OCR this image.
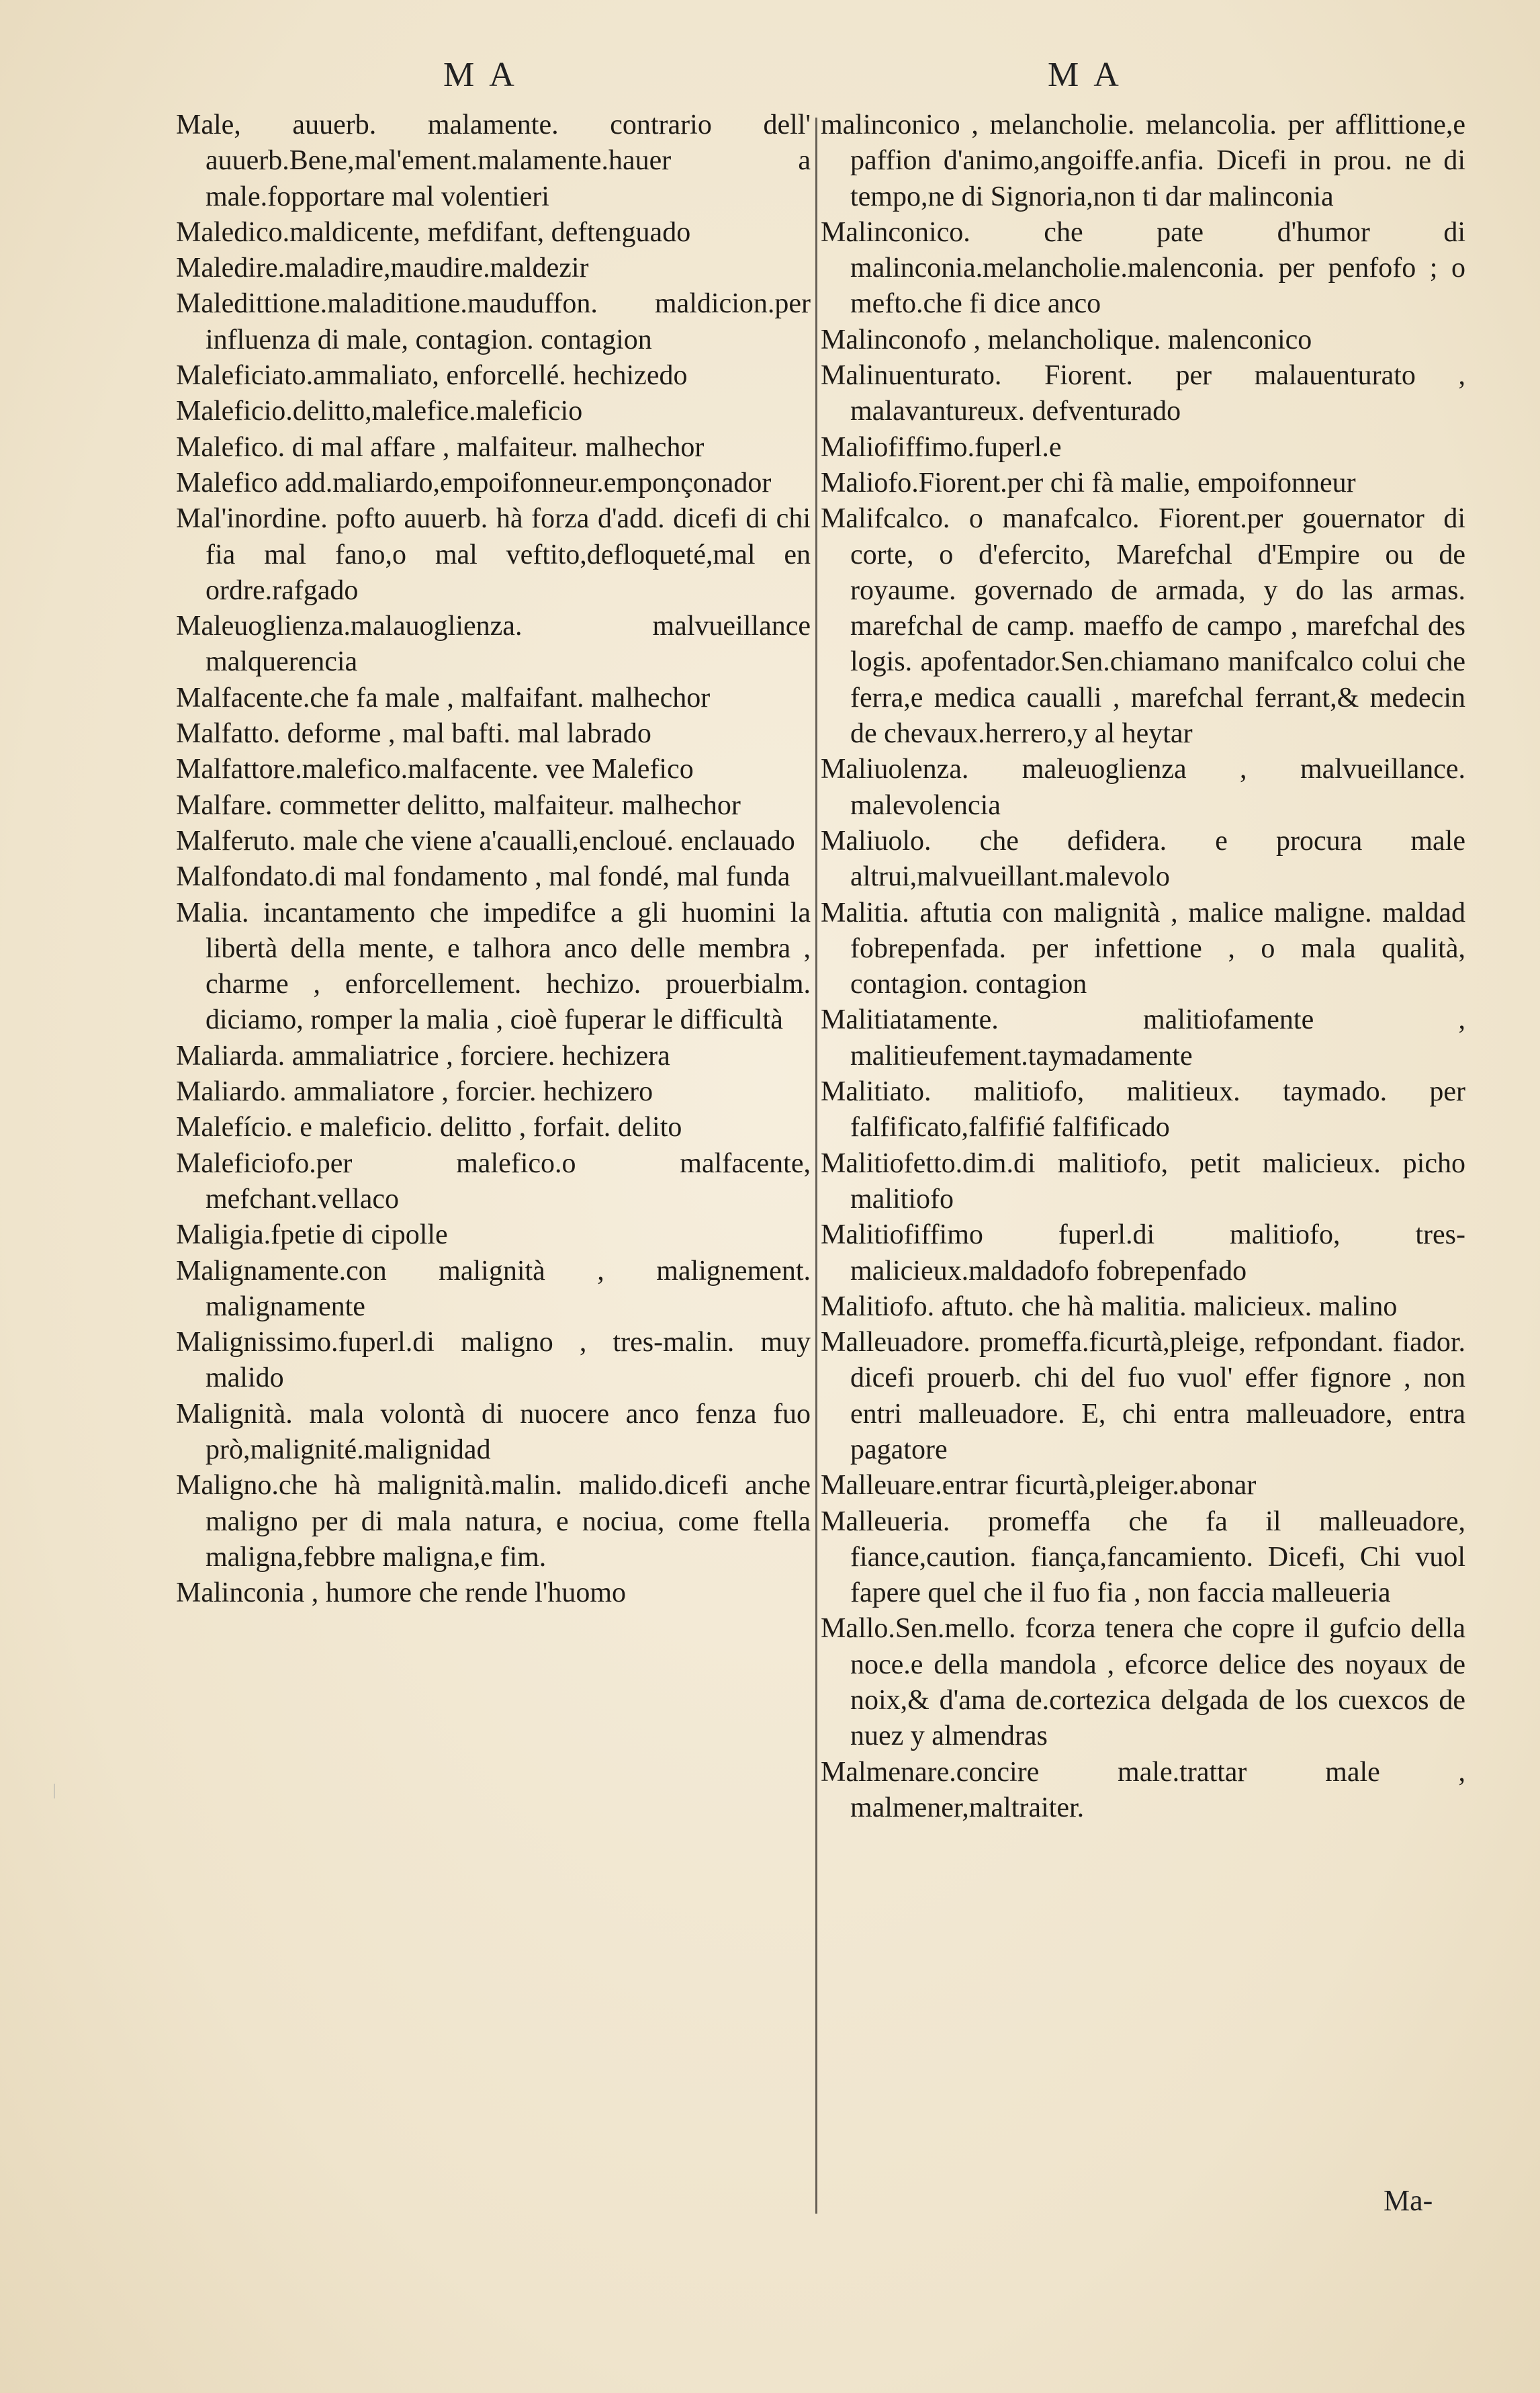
MA	MA

Male, auuerb. malamente. contrario dell' auuerb.Bene,mal'ement.malamente.hauer a male.fopportare mal volentieri

Maledico.maldicente, mefdifant, deftenguado

Maledire.maladire,maudire.maldezir

Maledittione.maladitione.mauduffon. maldicion.per influenza di male, contagion. contagion

Maleficiato.ammaliato, enforcellé. hechizedo

Maleficio.delitto,malefice.maleficio

Malefico. di mal affare , malfaiteur. malhechor

Malefico add.maliardo,empoifonneur.emponçonador

Mal'inordine. pofto auuerb. hà forza d'add. dicefi di chi fia mal fano,o mal veftito,defloqueté,mal en ordre.rafgado

Maleuoglienza.malauoglienza. malvueillance malquerencia

Malfacente.che fa male , malfaifant. malhechor

Malfatto. deforme , mal bafti. mal labrado

Malfattore.malefico.malfacente. vee Malefico

Malfare. commetter delitto, malfaiteur. malhechor

Malferuto. male che viene a'caualli,encloué. enclauado

Malfondato.di mal fondamento , mal fondé, mal funda

Malia. incantamento che impedifce a gli huomini la libertà della mente, e talhora anco delle membra , charme , enforcellement. hechizo. prouerbialm. diciamo, romper la malia , cioè fuperar le difficultà

Maliarda. ammaliatrice , forciere. hechizera

Maliardo. ammaliatore , forcier. hechizero

Malefício. e maleficio. delitto , forfait. delito

Maleficiofo.per malefico.o malfacente, mefchant.vellaco

Maligia.fpetie di cipolle

Malignamente.con malignità , malignement. malignamente

Malignissimo.fuperl.di maligno , tres-malin. muy malido

Malignità. mala volontà di nuocere anco fenza fuo prò,malignité.malignidad

Maligno.che hà malignità.malin. malido.dicefi anche maligno per di mala natura, e nociua, come ftella maligna,febbre maligna,e fim.

Malinconia , humore che rende l'huomo

malinconico , melancholie. melancolia. per afflittione,e paffion d'animo,angoiffe.anfia. Dicefi in prou. ne di tempo,ne di Signoria,non ti dar malinconia

Malinconico. che pate d'humor di malinconia.melancholie.malenconia. per penfofo ; o mefto.che fi dice anco

Malinconofo , melancholique. malenconico

Malinuenturato. Fiorent. per malauenturato , malavantureux. defventurado

Maliofiffimo.fuperl.e

Maliofo.Fiorent.per chi fà malie, empoifonneur

Malifcalco. o manafcalco. Fiorent.per gouernator di corte, o d'efercito, Marefchal d'Empire ou de royaume. governado de armada, y do las armas. marefchal de camp. maeffo de campo , marefchal des logis. apofentador.Sen.chiamano manifcalco colui che ferra,e medica caualli , marefchal ferrant,& medecin de chevaux.herrero,y al heytar

Maliuolenza. maleuoglienza , malvueillance. malevolencia

Maliuolo. che defidera. e procura male altrui,malvueillant.malevolo

Malitia. aftutia con malignità , malice maligne. maldad fobrepenfada. per infettione , o mala qualità, contagion. contagion

Malitiatamente. malitiofamente , malitieufement.taymadamente

Malitiato. malitiofo, malitieux. taymado. per falfificato,falfifié falfificado

Malitiofetto.dim.di malitiofo, petit malicieux. picho malitiofo

Malitiofiffimo fuperl.di malitiofo, tres-malicieux.maldadofo fobrepenfado

Malitiofo. aftuto. che hà malitia. malicieux. malino

Malleuadore. promeffa.ficurtà,pleige, refpondant. fiador. dicefi prouerb. chi del fuo vuol' effer fignore , non entri malleuadore. E, chi entra malleuadore, entra pagatore

Malleuare.entrar ficurtà,pleiger.abonar

Malleueria. promeffa che fa il malleuadore, fiance,caution. fiança,fancamiento. Dicefi, Chi vuol fapere quel che il fuo fia , non faccia malleueria

Mallo.Sen.mello. fcorza tenera che copre il gufcio della noce.e della mandola , efcorce delice des noyaux de noix,& d'ama de.cortezica delgada de los cuexcos de nuez y almendras

Malmenare.concire male.trattar male , malmener,maltraiter.

Ma-
